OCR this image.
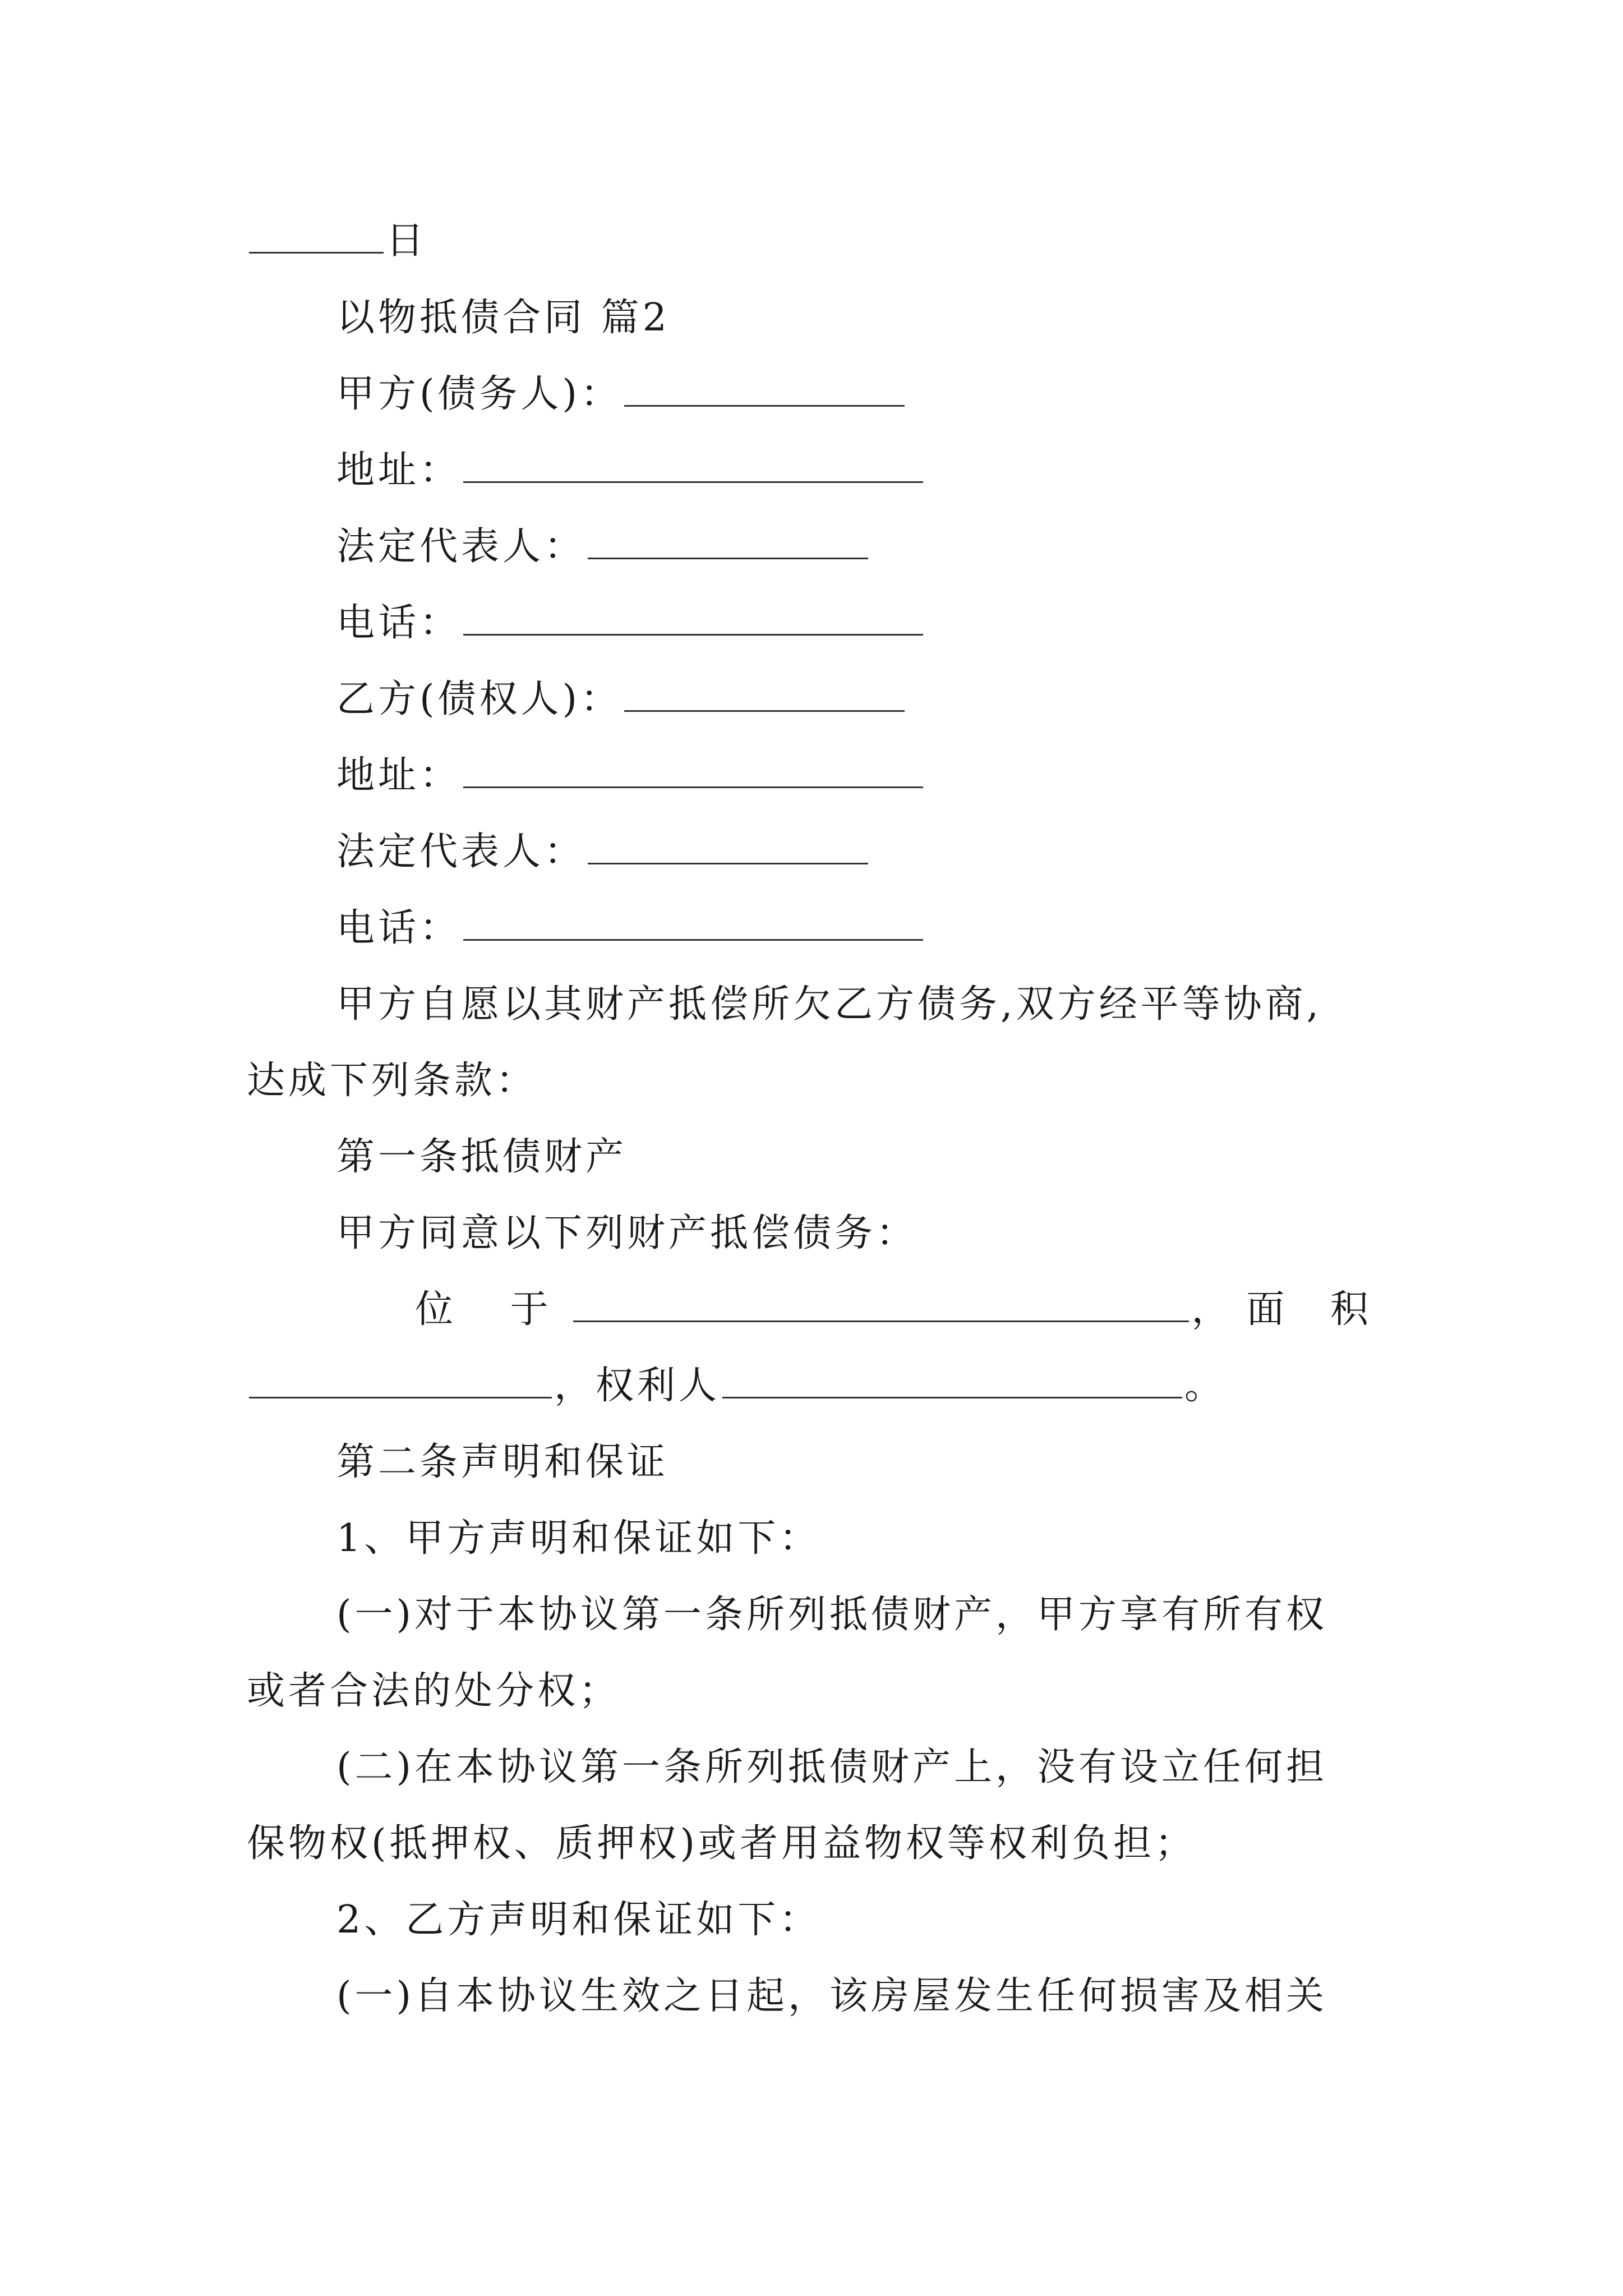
日
以物抵债合同 篇2
甲方(债务人)：
地址：
法定代表人：
电话：
乙方(债权人)：
地址：
法定代表人：
电话：
甲方自愿以其财产抵偿所欠乙方债务,双方经平等协商,
达成下列条款：
第一条抵债财产
甲方同意以下列财产抵偿债务：
位 于	，面 积
，权利人	。
第二条声明和保证
1、甲方声明和保证如下：
(一)对于本协议第一条所列抵债财产，甲方享有所有权
或者合法的处分权；
(二)在本协议第一条所列抵债财产上，没有设立任何担
保物权(抵押权、质押权)或者用益物权等权利负担；
2、乙方声明和保证如下：
(一)自本协议生效之日起，该房屋发生任何损害及相关
